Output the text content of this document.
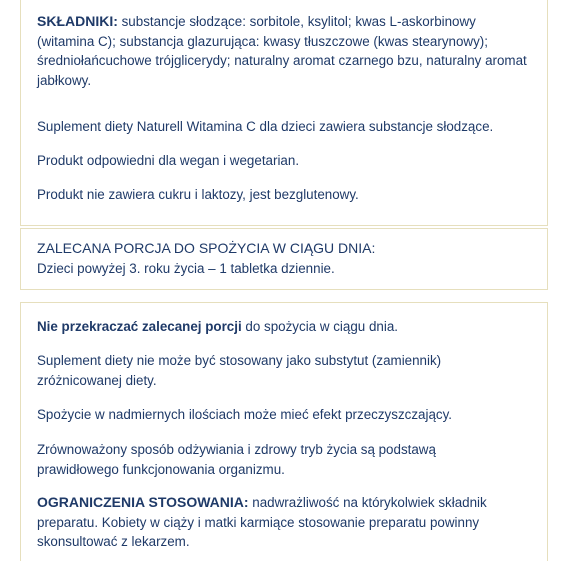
SKŁADNIKI: substancje słodzące: sorbitole, ksylitol; kwas L-askorbinowy
(witamina C); substancja glazurująca: kwasy tłuszczowe (kwas stearynowy);
średniołańcuchowe trójglicerydy; naturalny aromat czarnego bzu, naturalny aromat
jabłkowy.

Suplement diety Naturell Witamina C dla dzieci zawiera substancje słodzące.

Produkt odpowiedni dla wegan i wegetarian.

Produkt nie zawiera cukru i laktozy, jest bezglutenowy.

ZALECANA PORCJA DO SPOŻYCIA W CIĄGU DNIA:

Dzieci powyżej 3. roku życia – 1 tabletka dziennie.

Nie przekraczać zalecanej porcji do spożycia w ciągu dnia.

Suplement diety nie może być stosowany jako substytut (zamiennik)
zróżnicowanej diety.

Spożycie w nadmiernych ilościach może mieć efekt przeczyszczający.

Zrównoważony sposób odżywiania i zdrowy tryb życia są podstawą
prawidłowego funkcjonowania organizmu.

OGRANICZENIA STOSOWANIA: nadwrażliwość na którykolwiek składnik
preparatu. Kobiety w ciąży i matki karmiące stosowanie preparatu powinny
skonsultować z lekarzem.
